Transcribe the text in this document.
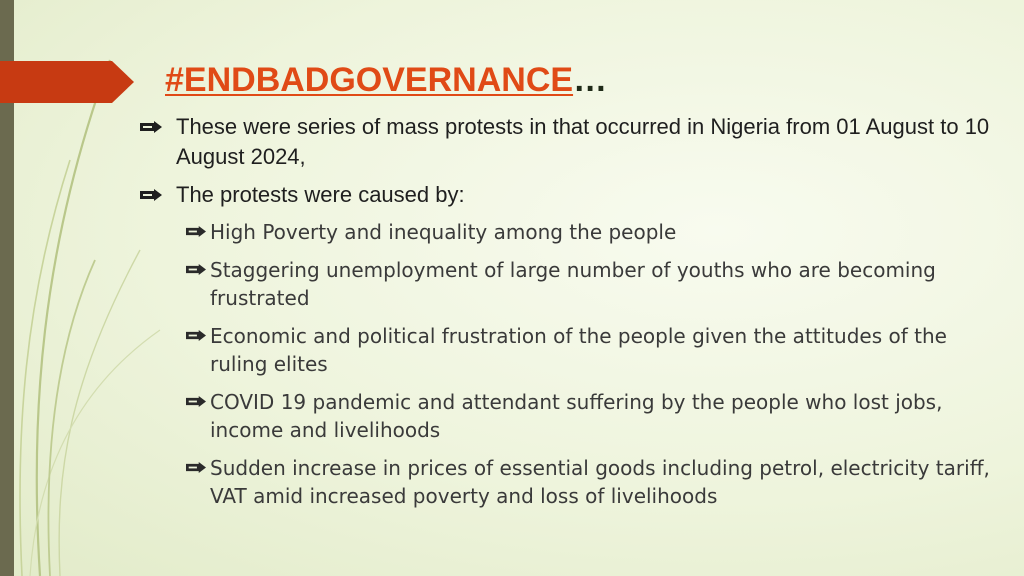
#ENDBADGOVERNANCE…
These were series of mass protests in that occurred in Nigeria from 01 August to 10 August 2024,
The protests were caused by:
High Poverty and inequality among the people
Staggering unemployment of large number of youths who are becoming frustrated
Economic and political frustration of the people given the attitudes of the ruling elites
COVID 19 pandemic and attendant suffering by the people who lost jobs, income and livelihoods
Sudden increase in prices of essential goods including petrol, electricity tariff, VAT amid increased poverty and loss of livelihoods
